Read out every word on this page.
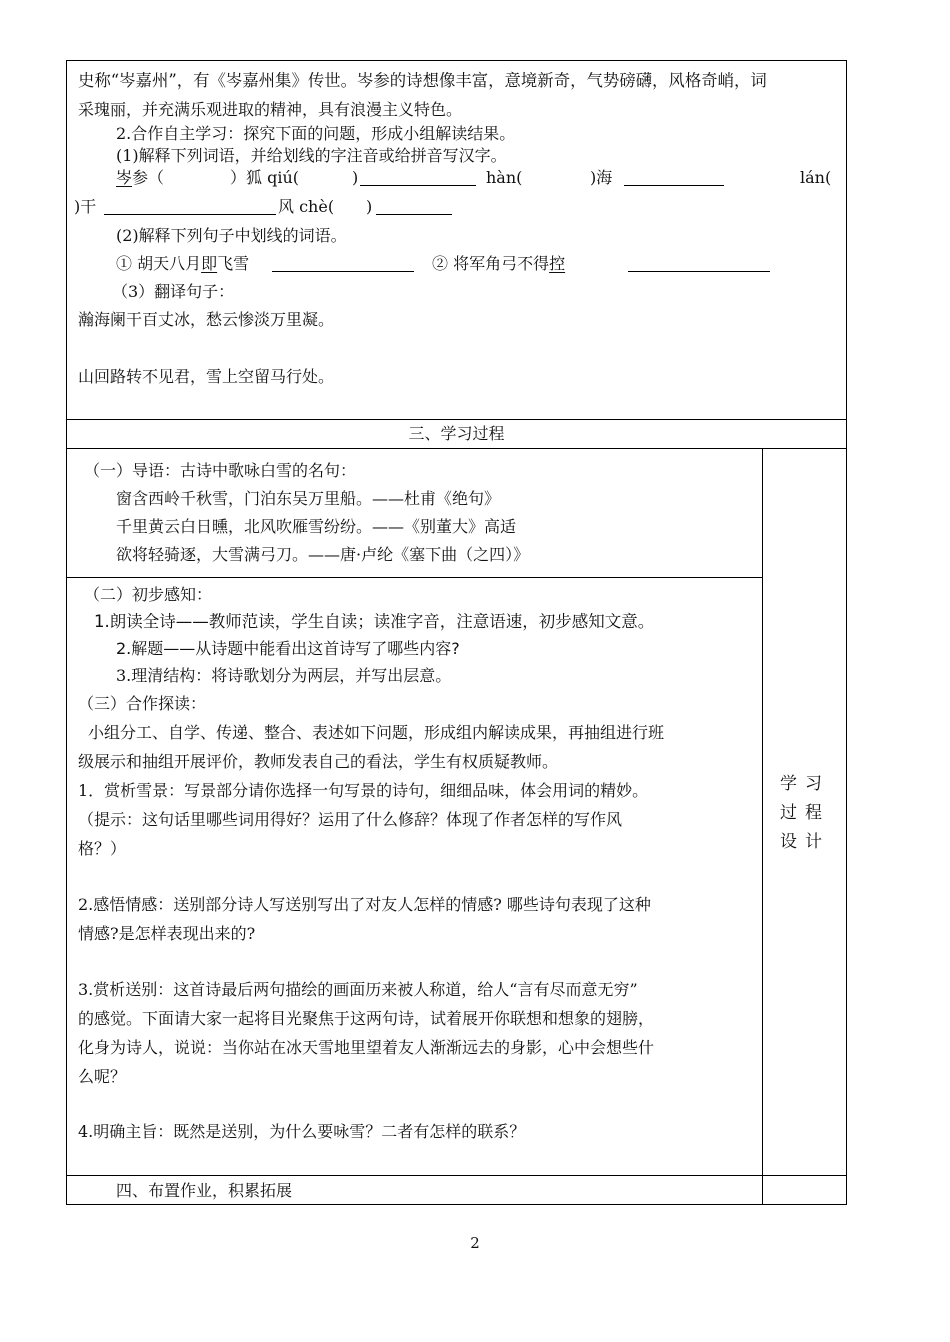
史称“岑嘉州”，有《岑嘉州集》传世。岑参的诗想像丰富，意境新奇，气势磅礴，风格奇峭，词
采瑰丽，并充满乐观进取的精神，具有浪漫主义特色。
2.合作自主学习：探究下面的问题，形成小组解读结果。
(1)解释下列词语，并给划线的字注音或给拼音写汉字。
岑参（	）狐 qiú(	)	hàn(	)海	lán(
)干	风 chè( )
(2)解释下列句子中划线的词语。
① 胡天八月即飞雪	② 将军角弓不得控
（3）翻译句子：
瀚海阑干百丈冰，愁云惨淡万里凝。
山回路转不见君，雪上空留马行处。
三、学习过程
（一）导语：古诗中歌咏白雪的名句：
窗含西岭千秋雪，门泊东吴万里船。——杜甫《绝句》
千里黄云白日曛，北风吹雁雪纷纷。——《别董大》高适
欲将轻骑逐，大雪满弓刀。——唐·卢纶《塞下曲（之四）》
（二）初步感知：
1.朗读全诗——教师范读，学生自读；读准字音，注意语速，初步感知文意。
2.解题——从诗题中能看出这首诗写了哪些内容?
3.理清结构：将诗歌划分为两层，并写出层意。
（三）合作探读：
小组分工、自学、传递、整合、表述如下问题，形成组内解读成果，再抽组进行班
级展示和抽组开展评价，教师发表自己的看法，学生有权质疑教师。
1．赏析雪景：写景部分请你选择一句写景的诗句，细细品味，体会用词的精妙。
（提示：这句话里哪些词用得好？运用了什么修辞？体现了作者怎样的写作风
格？）
2.感悟情感：送别部分诗人写送别写出了对友人怎样的情感? 哪些诗句表现了这种
情感?是怎样表现出来的?
3.赏析送别：这首诗最后两句描绘的画面历来被人称道，给人“言有尽而意无穷”
的感觉。下面请大家一起将目光聚焦于这两句诗，试着展开你联想和想象的翅膀，
化身为诗人，说说：当你站在冰天雪地里望着友人渐渐远去的身影，心中会想些什
么呢？
4.明确主旨：既然是送别，为什么要咏雪？二者有怎样的联系？
学习
过程
设计
四、布置作业，积累拓展
2
